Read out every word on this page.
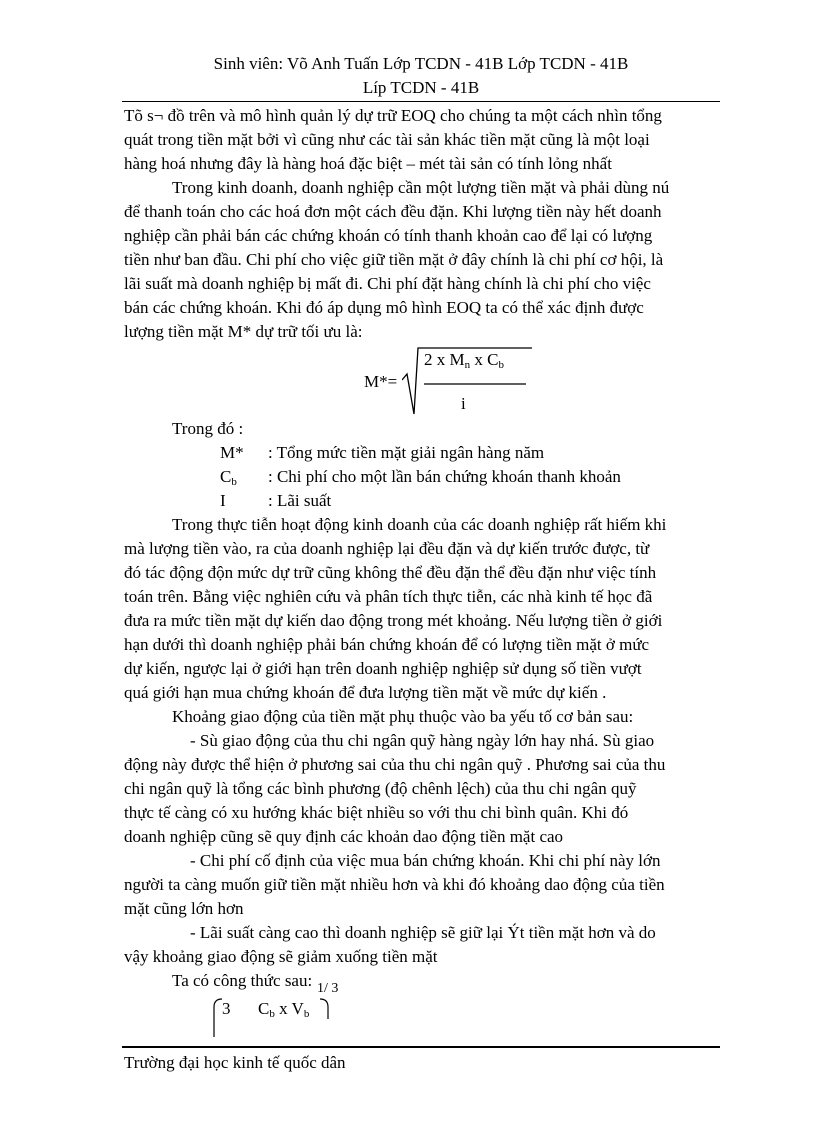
Sinh viên: Võ Anh Tuấn Lớp TCDN - 41B Lớp TCDN - 41B
Líp TCDN - 41B

Tõ s¬ đồ trên và mô hình quản lý dự trữ EOQ cho chúng ta một cách nhìn tổng
quát trong tiền mặt bởi vì cũng như các tài sản khác tiền mặt cũng là một loại
hàng hoá nhưng đây là hàng hoá đặc biệt – mét tài sản có tính lỏng nhất

Trong kinh doanh, doanh nghiệp cần một lượng tiền mặt và phải dùng nú
để thanh toán cho các hoá đơn một cách đều đặn. Khi lượng tiền này hết doanh
nghiệp cần phải bán các chứng khoán có tính thanh khoản cao để lại có lượng
tiền như ban đầu. Chi phí cho việc giữ tiền mặt ở đây chính là chi phí cơ hội, là
lãi suất mà doanh nghiệp bị mất đi. Chi phí đặt hàng chính là chi phí cho việc
bán các chứng khoán. Khi đó áp dụng mô hình EOQ ta có thể xác định được
lượng tiền mặt M* dự trữ tối ưu là:

M*=
2 x $M_n$ x $C_b$
i
Trong đó :
M* : Tổng mức tiền mặt giải ngân hàng năm
$C_b$ : Chi phí cho một lần bán chứng khoán thanh khoản
I : Lãi suất

Trong thực tiễn hoạt động kinh doanh của các doanh nghiệp rất hiếm khi
mà lượng tiền vào, ra của doanh nghiệp lại đều đặn và dự kiến trước được, từ
đó tác động độn mức dự trữ cũng không thể đều đặn thể đều đặn như việc tính
toán trên. Bằng việc nghiên cứu và phân tích thực tiễn, các nhà kinh tế học đã
đưa ra mức tiền mặt dự kiến dao động trong mét khoảng. Nếu lượng tiền ở giới
hạn dưới thì doanh nghiệp phải bán chứng khoán để có lượng tiền mặt ở mức
dự kiến, ngược lại ở giới hạn trên doanh nghiệp nghiệp sử dụng số tiền vượt
quá giới hạn mua chứng khoán để đưa lượng tiền mặt về mức dự kiến .

Khoảng giao động của tiền mặt phụ thuộc vào ba yếu tố cơ bản sau:

- Sù giao động của thu chi ngân quỹ hàng ngày lớn hay nhá. Sù giao
động này được thể hiện ở phương sai của thu chi ngân quỹ . Phương sai của thu
chi ngân quỹ là tổng các bình phương (độ chênh lệch) của thu chi ngân quỹ
thực tế càng có xu hướng khác biệt nhiều so với thu chi bình quân. Khi đó
doanh nghiệp cũng sẽ quy định các khoản dao động tiền mặt cao

- Chi phí cố định của việc mua bán chứng khoán. Khi chi phí này lớn
người ta càng muốn giữ tiền mặt nhiều hơn và khi đó khoảng dao động của tiền
mặt cũng lớn hơn

- Lãi suất càng cao thì doanh nghiệp sẽ giữ lại Ýt tiền mặt hơn và do
vậy khoảng giao động sẽ giảm xuống tiền mặt

Ta có công thức sau: 1/ 3
3 $C_b$ x $V_b$
Trường đại học kinh tế quốc dân
